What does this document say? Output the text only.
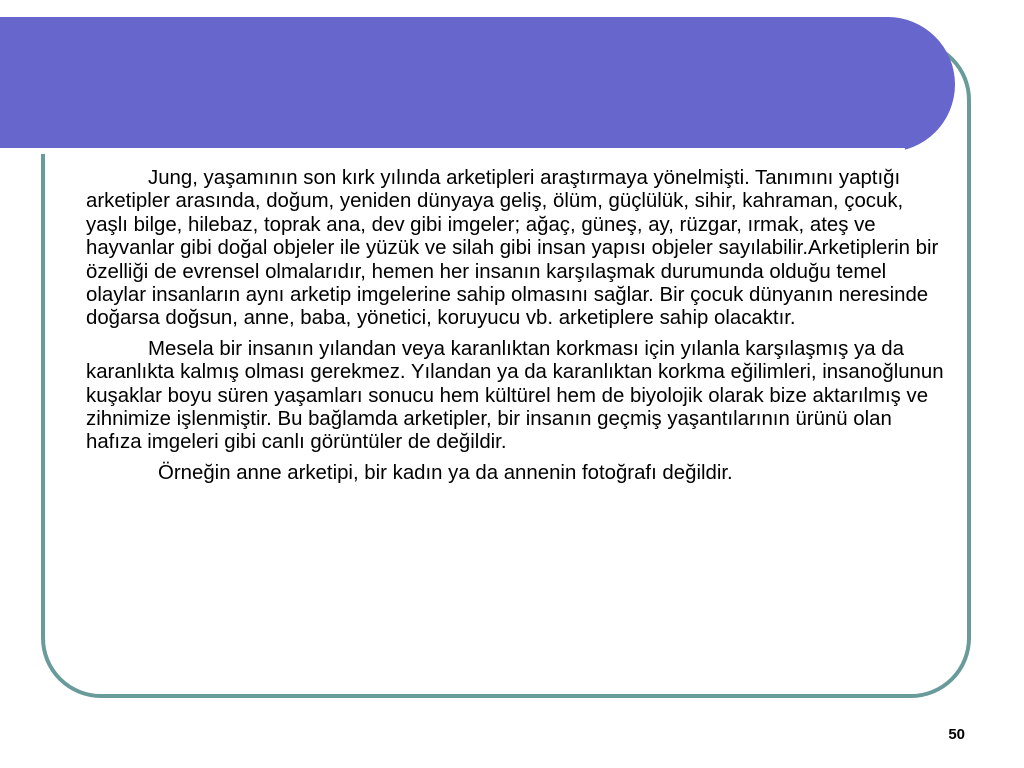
Jung, yaşamının son kırk yılında arketipleri araştırmaya yönelmişti. Tanımını yaptığı arketipler arasında, doğum, yeniden dünyaya geliş, ölüm, güçlülük, sihir, kahraman, çocuk, yaşlı bilge, hilebaz, toprak ana, dev gibi imgeler; ağaç, güneş, ay, rüzgar, ırmak, ateş ve hayvanlar gibi doğal objeler ile yüzük ve silah gibi insan yapısı objeler sayılabilir.Arketiplerin bir özelliği de evrensel olmalarıdır, hemen her insanın karşılaşmak durumunda olduğu temel olaylar insanların aynı arketip imgelerine sahip olmasını sağlar. Bir çocuk dünyanın neresinde doğarsa doğsun, anne, baba, yönetici, koruyucu vb. arketiplere sahip olacaktır.

Mesela bir insanın yılandan veya karanlıktan korkması için yılanla karşılaşmış ya da karanlıkta kalmış olması gerekmez. Yılandan ya da karanlıktan korkma eğilimleri, insanoğlunun kuşaklar boyu süren yaşamları sonucu hem kültürel hem de biyolojik olarak bize aktarılmış ve zihnimize işlenmiştir. Bu bağlamda arketipler, bir insanın geçmiş yaşantılarının ürünü olan hafıza imgeleri gibi canlı görüntüler de değildir.

Örneğin anne arketipi, bir kadın ya da annenin fotoğrafı değildir.

50
